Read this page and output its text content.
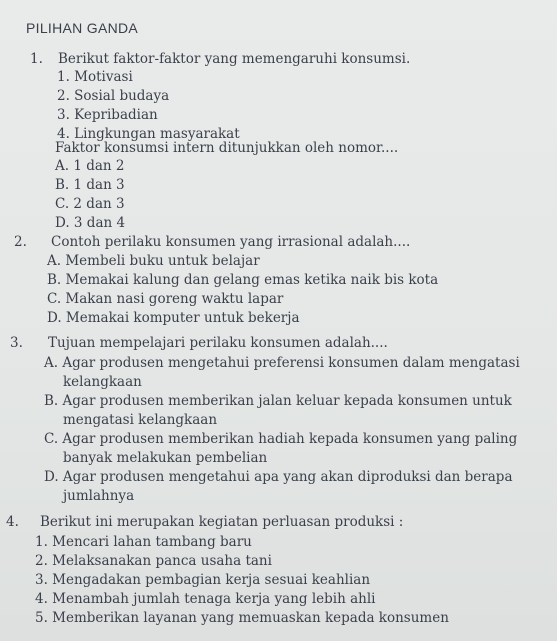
PILIHAN GANDA
1. Berikut faktor-faktor yang memengaruhi konsumsi.
1. Motivasi
2. Sosial budaya
3. Kepribadian
4. Lingkungan masyarakat
Faktor konsumsi intern ditunjukkan oleh nomor....
A. 1 dan 2
B. 1 dan 3
C. 2 dan 3
D. 3 dan 4
2. Contoh perilaku konsumen yang irrasional adalah....
A. Membeli buku untuk belajar
B. Memakai kalung dan gelang emas ketika naik bis kota
C. Makan nasi goreng waktu lapar
D. Memakai komputer untuk bekerja
3. Tujuan mempelajari perilaku konsumen adalah....
A. Agar produsen mengetahui preferensi konsumen dalam mengatasi
kelangkaan
B. Agar produsen memberikan jalan keluar kepada konsumen untuk
mengatasi kelangkaan
C. Agar produsen memberikan hadiah kepada konsumen yang paling
banyak melakukan pembelian
D. Agar produsen mengetahui apa yang akan diproduksi dan berapa
jumlahnya
4. Berikut ini merupakan kegiatan perluasan produksi :
1. Mencari lahan tambang baru
2. Melaksanakan panca usaha tani
3. Mengadakan pembagian kerja sesuai keahlian
4. Menambah jumlah tenaga kerja yang lebih ahli
5. Memberikan layanan yang memuaskan kepada konsumen
